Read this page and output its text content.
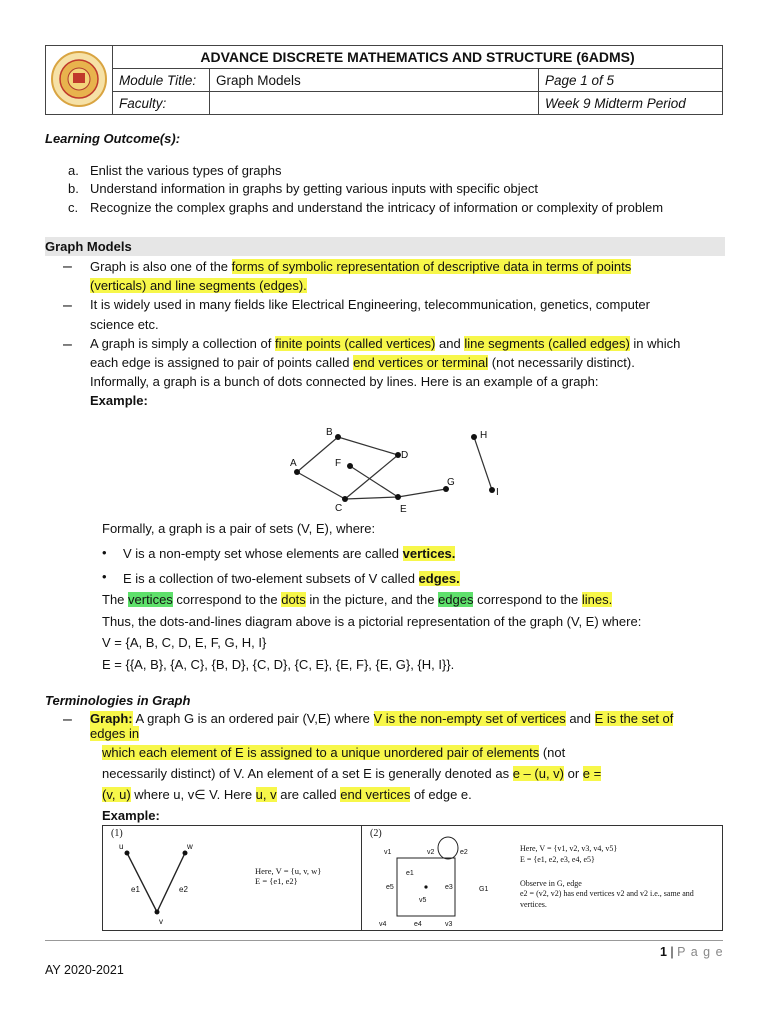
	ADVANCE DISCRETE MATHEMATICS AND STRUCTURE (6ADMS)		
	Module Title:	Graph Models	Page 1 of 5
	Faculty:		Week 9 Midterm Period
Learning Outcome(s):
a. Enlist the various types of graphs
b. Understand information in graphs by getting various inputs with specific object
c. Recognize the complex graphs and understand the intricacy of information or complexity of problem
Graph Models
– Graph is also one of the forms of symbolic representation of descriptive data in terms of points
(verticals) and line segments (edges).
– It is widely used in many fields like Electrical Engineering, telecommunication, genetics, computer
science etc.
– A graph is simply a collection of finite points (called vertices) and line segments (called edges) in which
each edge is assigned to pair of points called end vertices or terminal (not necessarily distinct).
Informally, a graph is a bunch of dots connected by lines. Here is an example of a graph:
Example:
A
B
C
D
E
F
G
H
I
Formally, a graph is a pair of sets (V, E), where:
• V is a non-empty set whose elements are called vertices.
• E is a collection of two-element subsets of V called edges.
The vertices correspond to the dots in the picture, and the edges correspond to the lines.
Thus, the dots-and-lines diagram above is a pictorial representation of the graph (V, E) where:
V = {A, B, C, D, E, F, G, H, I}
E = {{A, B}, {A, C}, {B, D}, {C, D}, {C, E}, {E, F}, {E, G}, {H, I}}.
Terminologies in Graph
– Graph: A graph G is an ordered pair (V,E) where V is the non-empty set of vertices and E is the set of
edges in
which each element of E is assigned to a unique unordered pair of elements (not
necessarily distinct) of V. An element of a set E is generally denoted as e – (u, v) or e =
(v, u) where u, v∈ V. Here u, v are called end vertices of edge e.
Example:
(1)
u	w
v
e1	e2
Here, V = {u, v, w}
E = {e1, e2}
(2)
v1	v2	e2
e1
e5	e3	G1
v5
v4	e4	v3
Here, V = {v1, v2, v3, v4, v5}
E = {e1, e2, e3, e4, e5}
Observe in G, edge
e2 = (v2, v2) has end vertices v2 and v2 i.e., same and
vertices.
1 | P a g e
AY 2020-2021
